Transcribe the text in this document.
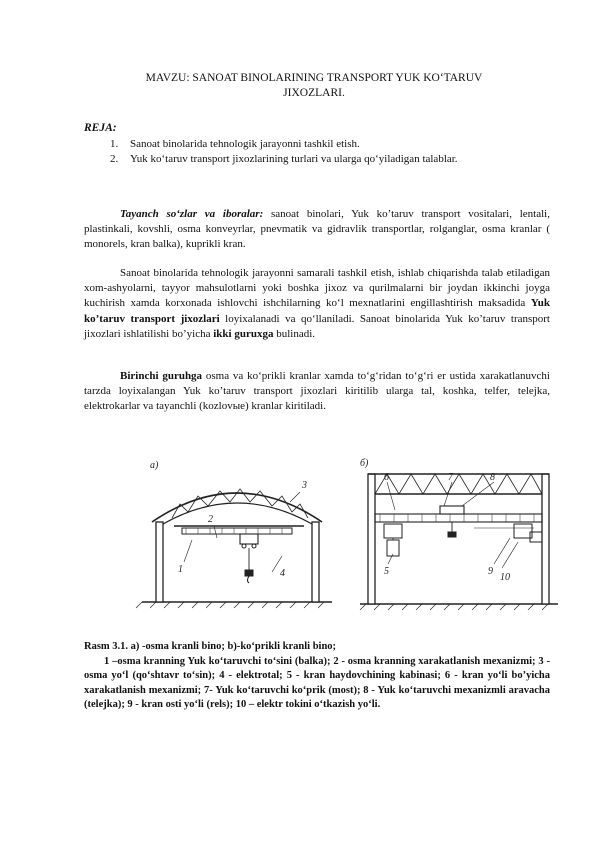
MAVZU: SANOAT BINOLARINING TRANSPORT YUK KO‘TARUV
JIXOZLARI.
REJA:
1. Sanoat binolarida tehnologik jarayonni tashkil etish.
2. Yuk ko‘taruv transport jixozlarining turlari va ularga qo‘yiladigan talablar.

Tayanch so‘zlar va iboralar: sanoat binolari, Yuk ko’taruv transport vositalari, lentali, plastinkali, kovshli, osma konveyrlar, pnevmatik va gidravlik transportlar, rolganglar, osma kranlar ( monorels, kran balka), kuprikli kran.

Sanoat binolarida tehnologik jarayonni samarali tashkil etish, ishlab chiqarishda talab etiladigan xom-ashyolarni, tayyor mahsulotlarni yoki boshka jixoz va qurilmalarni bir joydan ikkinchi joyga kuchirish xamda korxonada ishlovchi ishchilarning ko‘l mexnatlarini engillashtirish maksadida Yuk ko’taruv transport jixozlari loyixalanadi va qo‘llaniladi. Sanoat binolarida Yuk ko’taruv transport jixozlari ishlatilishi bo’yicha ikki guruxga bulinadi.

Birinchi guruhga osma va ko‘prikli kranlar xamda to‘g‘ridan to‘g‘ri er ustida xarakatlanuvchi tarzda loyixalangan Yuk ko’taruv transport jixozlari kiritilib ularga tal, koshka, telfer, telejka, elektrokarlar va tayanchli (kozlovые) kranlar kiritiladi.

a)	б)
1
2
3
4	5
6	7	8
9
10
Rasm 3.1. a) -osma kranli bino; b)-ko‘prikli kranli bino;
1 –osma kranning Yuk ko‘taruvchi to‘sini (balka); 2 - osma kranning xarakatlanish mexanizmi; 3 - osma yo‘l (qo‘shtavr to‘sin); 4 - elektrotal; 5 - kran haydovchining kabinasi; 6 - kran yo‘li bo’yicha xarakatlanish mexanizmi; 7- Yuk ko‘taruvchi ko‘prik (most); 8 - Yuk ko‘taruvchi mexanizmli aravacha (telejka); 9 - kran osti yo‘li (rels); 10 – elektr tokini o‘tkazish yo‘li.
